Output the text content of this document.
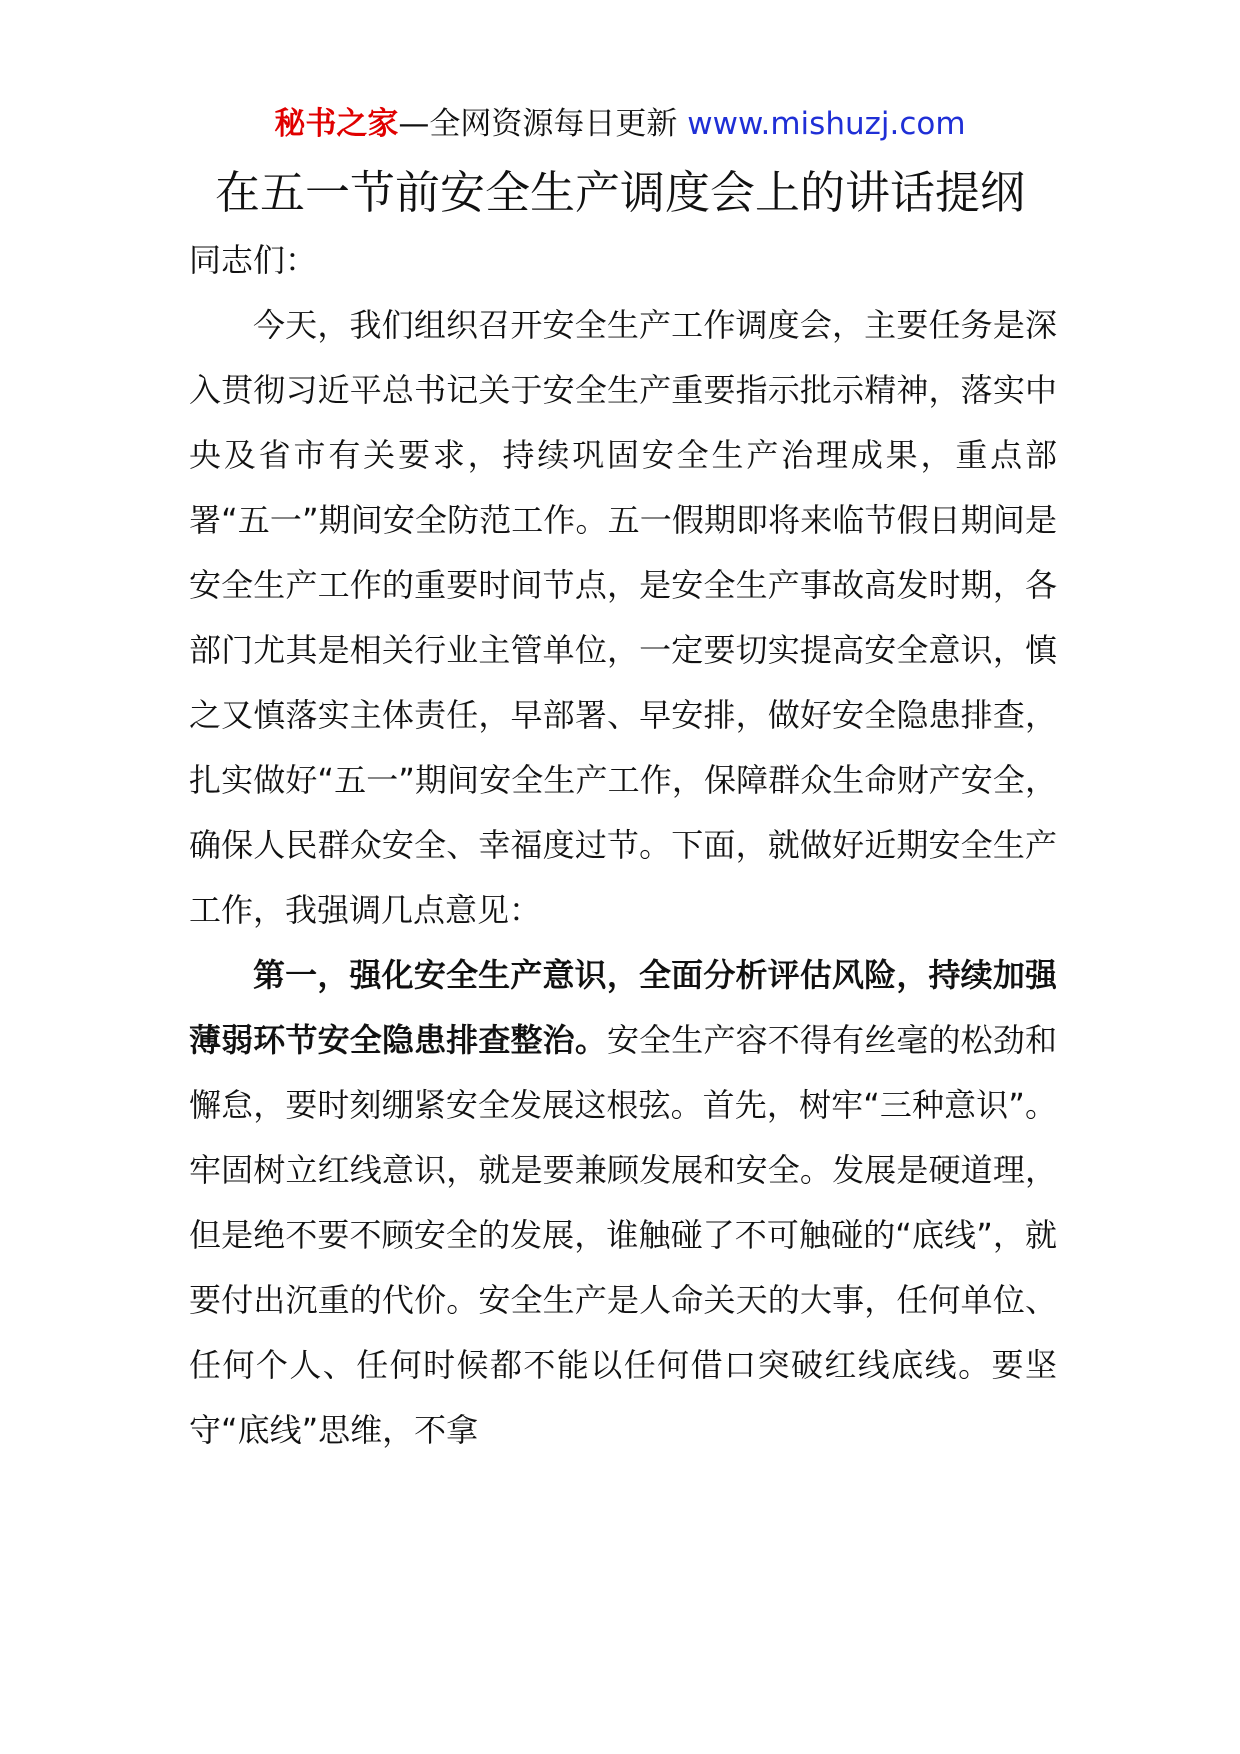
秘书之家—全网资源每日更新 www.mishuzj.com
在五一节前安全生产调度会上的讲话提纲

同志们：

今天，我们组织召开安全生产工作调度会，主要任务是深入贯彻习近平总书记关于安全生产重要指示批示精神，落实中央及省市有关要求，持续巩固安全生产治理成果，重点部署“五一”期间安全防范工作。五一假期即将来临节假日期间是安全生产工作的重要时间节点，是安全生产事故高发时期，各部门尤其是相关行业主管单位，一定要切实提高安全意识，慎之又慎落实主体责任，早部署、早安排，做好安全隐患排查，扎实做好“五一”期间安全生产工作，保障群众生命财产安全，确保人民群众安全、幸福度过节。下面，就做好近期安全生产工作，我强调几点意见：

第一，强化安全生产意识，全面分析评估风险，持续加强薄弱环节安全隐患排查整治。安全生产容不得有丝毫的松劲和懈怠，要时刻绷紧安全发展这根弦。首先，树牢“三种意识”。牢固树立红线意识，就是要兼顾发展和安全。发展是硬道理，但是绝不要不顾安全的发展，谁触碰了不可触碰的“底线”，就要付出沉重的代价。安全生产是人命关天的大事，任何单位、任何个人、任何时候都不能以任何借口突破红线底线。要坚守“底线”思维，不拿
